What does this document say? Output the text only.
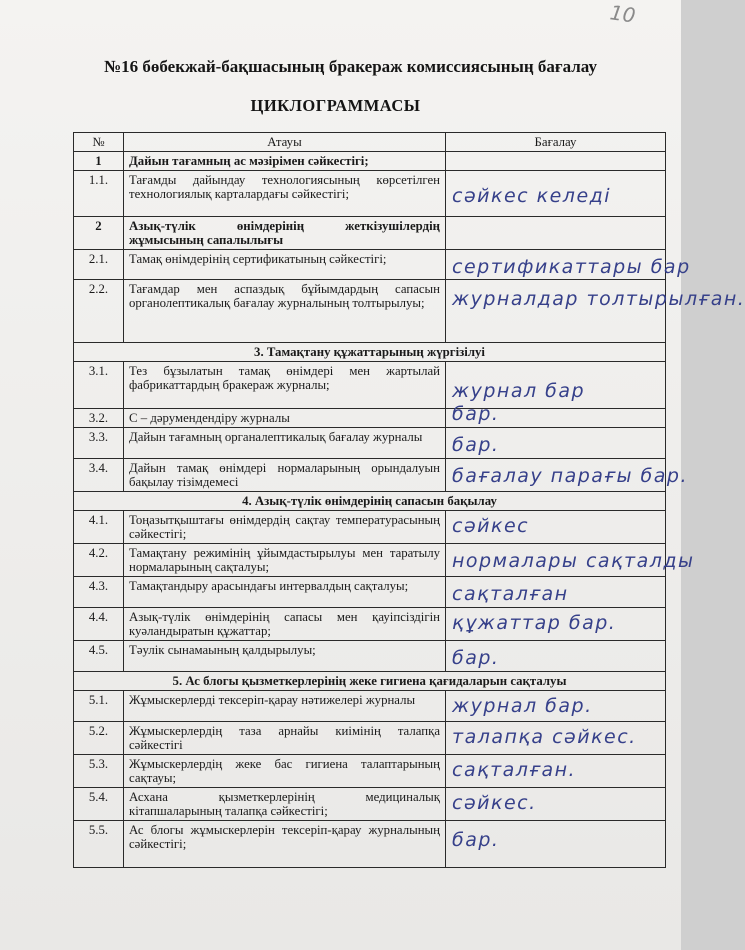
10
№16 бөбекжай-бақшасының бракераж комиссиясының бағалау
ЦИКЛОГРАММАСЫ
№	Атауы	Бағалау
1	Дайын тағамның ас мәзірімен сәйкестігі;	
1.1.	Тағамды дайындау технологиясының көрсетілген технологиялық карталардағы сәйкестігі;	сәйкес келеді

2	Азық-түлік өнімдерінің жеткізушілердің жұмысының сапалылығы	
2.1.	Тамақ өнімдерінің сертификатының сәйкестігі;	сертификаттары бар

2.2.	Тағамдар мен аспаздық бұйымдардың сапасын органолептикалық бағалау журналының толтырылуы;	журналдар толтырылған.

3. Тамақтану құжаттарының жүргізілуі		
3.1.	Тез бұзылатын тамақ өнімдері мен жартылай фабрикаттардың бракераж журналы;	журнал бар

3.2.	С – дәрумендендіру журналы	бар.

3.3.	Дайын тағамның органалептикалық бағалау журналы	бар.

3.4.	Дайын тамақ өнімдері нормаларының орындалуын бақылау тізімдемесі	бағалау парағы бар.

4. Азық-түлік өнімдерінің сапасын бақылау		
4.1.	Тоңазытқыштағы өнімдердің сақтау температурасының сәйкестігі;	сәйкес

4.2.	Тамақтану режимінің ұйымдастырылуы мен таратылу нормаларының сақталуы;	нормалары сақталды

4.3.	Тамақтандыру арасындағы интервалдың сақталуы;	сақталған

4.4.	Азық-түлік өнімдерінің сапасы мен қауіпсіздігін куәландыратын құжаттар;	құжаттар бар.

4.5.	Тәулік сынамаының қалдырылуы;	бар.

5. Ас блогы қызметкерлерінің жеке гигиена қағидаларын сақталуы		
5.1.	Жұмыскерлерді тексеріп-қарау нәтижелері журналы	журнал бар.

5.2.	Жұмыскерлердің таза арнайы киімінің талапқа сәйкестігі	талапқа сәйкес.

5.3.	Жұмыскерлердің жеке бас гигиена талаптарының сақтауы;	сақталған.

5.4.	Асхана қызметкерлерінің медициналық кітапшаларының талапқа сәйкестігі;	сәйкес.

5.5.	Ас блогы жұмыскерлерін тексеріп-қарау журналының сәйкестігі;	бар.
